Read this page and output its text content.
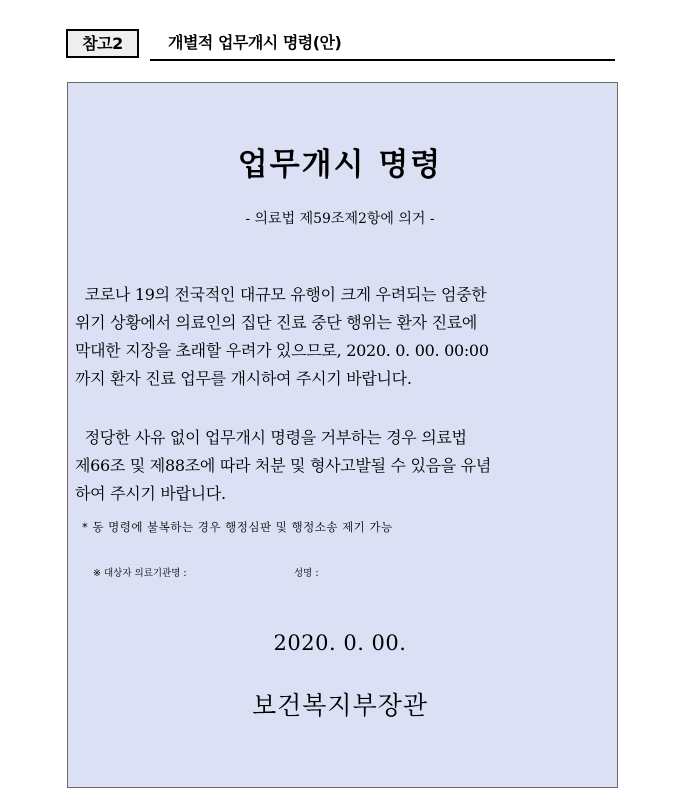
참고2	개별적 업무개시 명령(안)
업무개시 명령
- 의료법 제59조제2항에 의거 -
코로나 19의 전국적인 대규모 유행이 크게 우려되는 엄중한
위기 상황에서 의료인의 집단 진료 중단 행위는 환자 진료에
막대한 지장을 초래할 우려가 있으므로, 2020. 0. 00. 00:00
까지 환자 진료 업무를 개시하여 주시기 바랍니다.
정당한 사유 없이 업무개시 명령을 거부하는 경우 의료법
제66조 및 제88조에 따라 처분 및 형사고발될 수 있음을 유념
하여 주시기 바랍니다.
* 동 명령에 불복하는 경우 행정심판 및 행정소송 제기 가능
※ 대상자 의료기관명 :	성명 :
2020. 0. 00.
보건복지부장관
